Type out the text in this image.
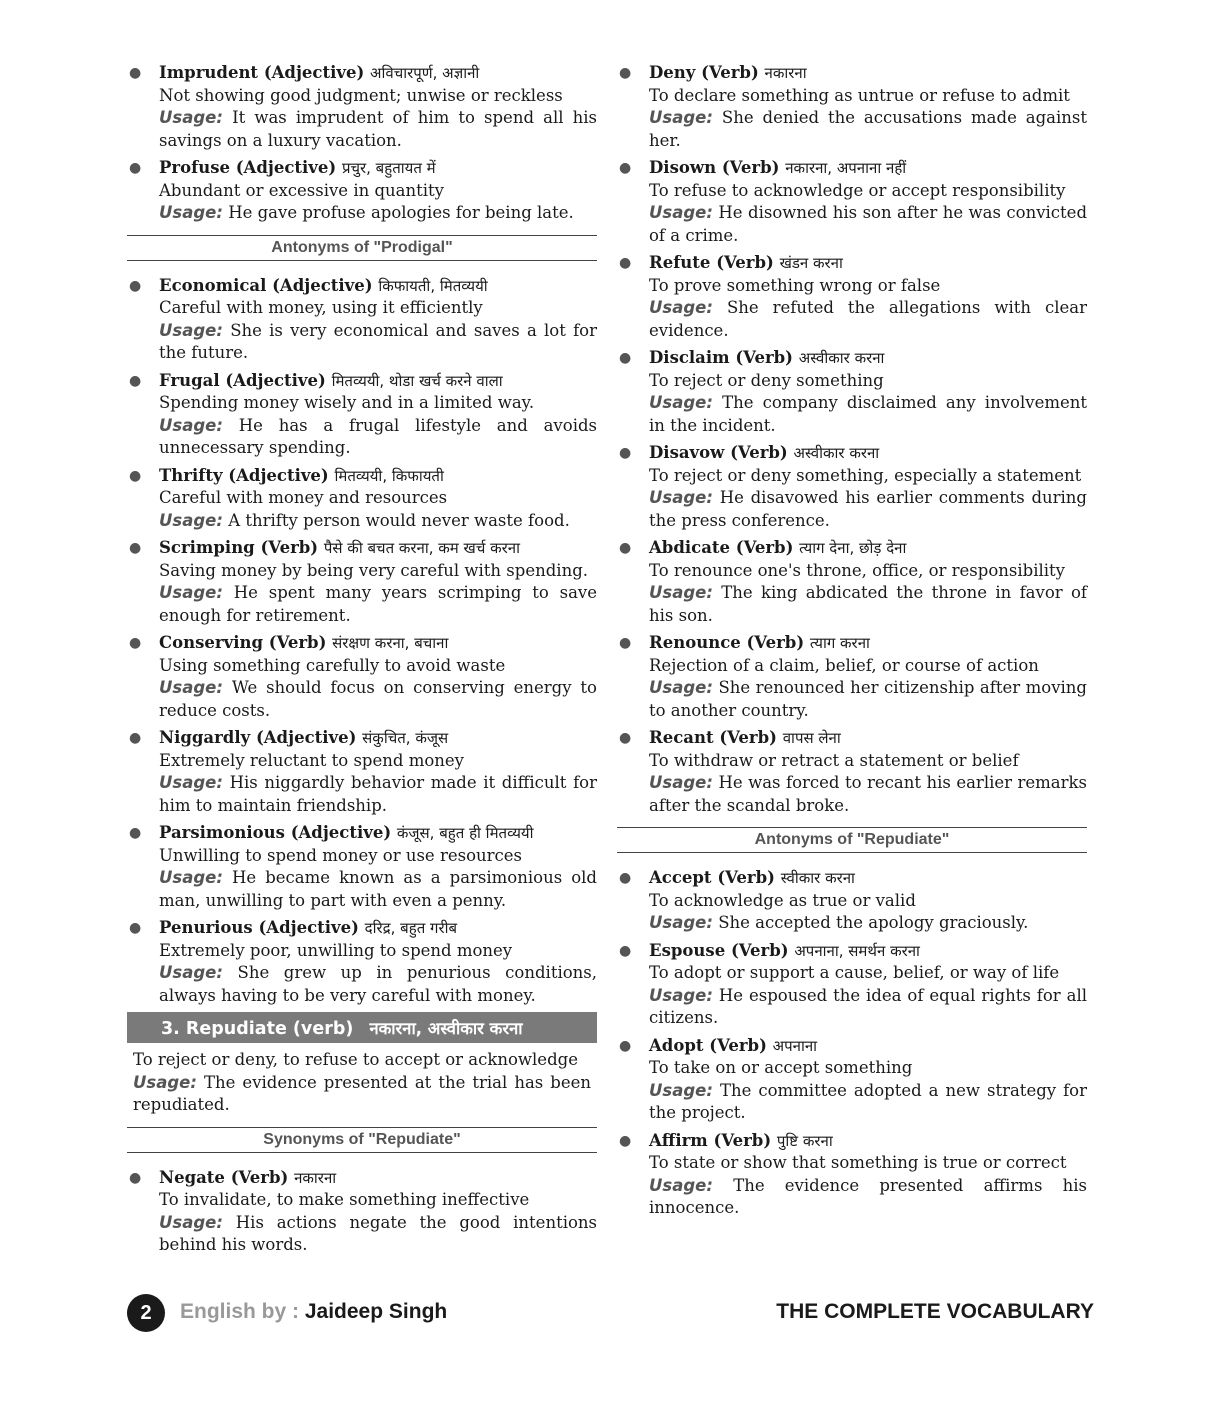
● Imprudent (Adjective) अविचारपूर्ण, अज्ञानी
Not showing good judgment; unwise or reckless
Usage: It was imprudent of him to spend all his savings on a luxury vacation.
● Profuse (Adjective) प्रचुर, बहुतायत में
Abundant or excessive in quantity
Usage: He gave profuse apologies for being late.
Antonyms of "Prodigal"
● Economical (Adjective) किफायती, मितव्ययी
Careful with money, using it efficiently
Usage: She is very economical and saves a lot for the future.
● Frugal (Adjective) मितव्ययी, थोडा खर्च करने वाला
Spending money wisely and in a limited way.
Usage: He has a frugal lifestyle and avoids unnecessary spending.
● Thrifty (Adjective) मितव्ययी, किफायती
Careful with money and resources
Usage: A thrifty person would never waste food.
● Scrimping (Verb) पैसे की बचत करना, कम खर्च करना
Saving money by being very careful with spending.
Usage: He spent many years scrimping to save enough for retirement.
● Conserving (Verb) संरक्षण करना, बचाना
Using something carefully to avoid waste
Usage: We should focus on conserving energy to reduce costs.
● Niggardly (Adjective) संकुचित, कंजूस
Extremely reluctant to spend money
Usage: His niggardly behavior made it difficult for him to maintain friendship.
● Parsimonious (Adjective) कंजूस, बहुत ही मितव्ययी
Unwilling to spend money or use resources
Usage: He became known as a parsimonious old man, unwilling to part with even a penny.
● Penurious (Adjective) दरिद्र, बहुत गरीब
Extremely poor, unwilling to spend money
Usage: She grew up in penurious conditions, always having to be very careful with money.
3. Repudiate (verb) नकारना, अस्वीकार करना
To reject or deny, to refuse to accept or acknowledge
Usage: The evidence presented at the trial has been repudiated.
Synonyms of "Repudiate"
● Negate (Verb) नकारना
To invalidate, to make something ineffective
Usage: His actions negate the good intentions behind his words.
● Deny (Verb) नकारना
To declare something as untrue or refuse to admit
Usage: She denied the accusations made against her.
● Disown (Verb) नकारना, अपनाना नहीं
To refuse to acknowledge or accept responsibility
Usage: He disowned his son after he was convicted of a crime.
● Refute (Verb) खंडन करना
To prove something wrong or false
Usage: She refuted the allegations with clear evidence.
● Disclaim (Verb) अस्वीकार करना
To reject or deny something
Usage: The company disclaimed any involvement in the incident.
● Disavow (Verb) अस्वीकार करना
To reject or deny something, especially a statement
Usage: He disavowed his earlier comments during the press conference.
● Abdicate (Verb) त्याग देना, छोड़ देना
To renounce one's throne, office, or responsibility
Usage: The king abdicated the throne in favor of his son.
● Renounce (Verb) त्याग करना
Rejection of a claim, belief, or course of action
Usage: She renounced her citizenship after moving to another country.
● Recant (Verb) वापस लेना
To withdraw or retract a statement or belief
Usage: He was forced to recant his earlier remarks after the scandal broke.
Antonyms of "Repudiate"
● Accept (Verb) स्वीकार करना
To acknowledge as true or valid
Usage: She accepted the apology graciously.
● Espouse (Verb) अपनाना, समर्थन करना
To adopt or support a cause, belief, or way of life
Usage: He espoused the idea of equal rights for all citizens.
● Adopt (Verb) अपनाना
To take on or accept something
Usage: The committee adopted a new strategy for the project.
● Affirm (Verb) पुष्टि करना
To state or show that something is true or correct
Usage: The evidence presented affirms his innocence.
2	English by : Jaideep Singh	THE COMPLETE VOCABULARY
